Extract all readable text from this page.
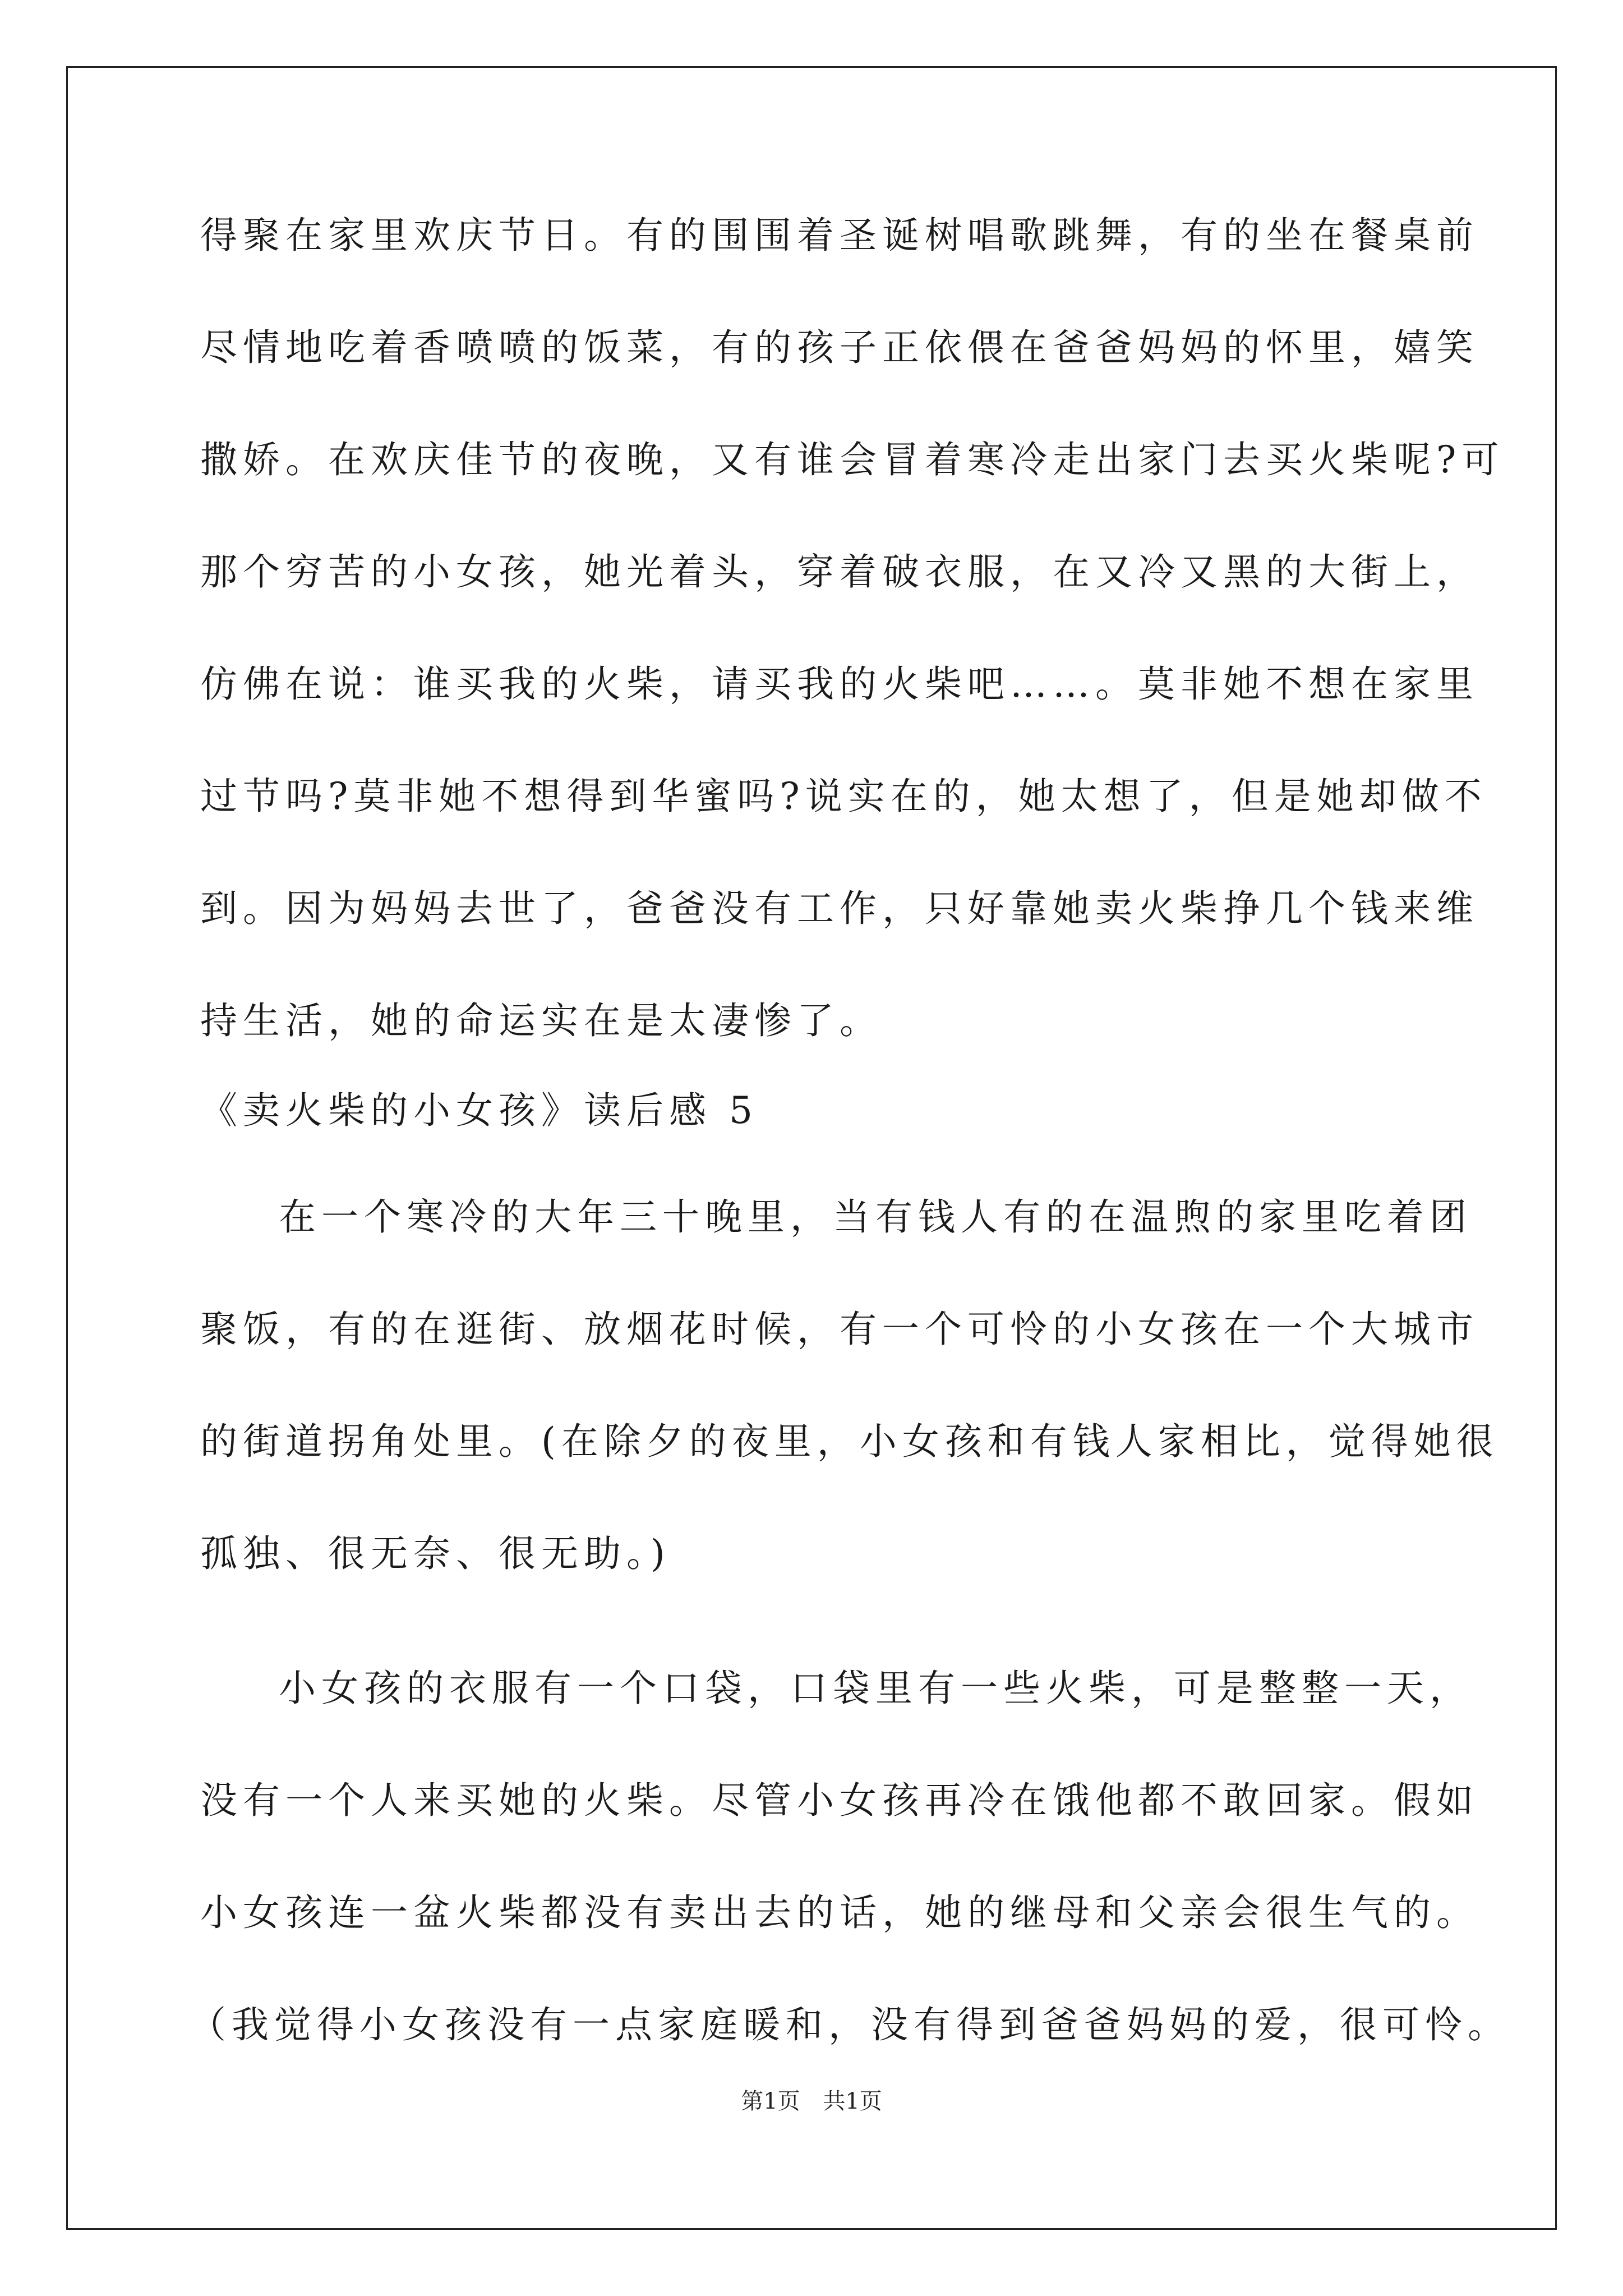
得聚在家里欢庆节日。有的围围着圣诞树唱歌跳舞，有的坐在餐桌前
尽情地吃着香喷喷的饭菜，有的孩子正依偎在爸爸妈妈的怀里，嬉笑
撒娇。在欢庆佳节的夜晚，又有谁会冒着寒冷走出家门去买火柴呢?可
那个穷苦的小女孩，她光着头，穿着破衣服，在又冷又黑的大街上，
仿佛在说：谁买我的火柴，请买我的火柴吧……。莫非她不想在家里
过节吗?莫非她不想得到华蜜吗?说实在的，她太想了，但是她却做不
到。因为妈妈去世了，爸爸没有工作，只好靠她卖火柴挣几个钱来维
持生活，她的命运实在是太凄惨了。
《卖火柴的小女孩》读后感 5
在一个寒冷的大年三十晚里，当有钱人有的在温煦的家里吃着团
聚饭，有的在逛街、放烟花时候，有一个可怜的小女孩在一个大城市
的街道拐角处里。(在除夕的夜里，小女孩和有钱人家相比，觉得她很
孤独、很无奈、很无助。)
小女孩的衣服有一个口袋，口袋里有一些火柴，可是整整一天，
没有一个人来买她的火柴。尽管小女孩再冷在饿他都不敢回家。假如
小女孩连一盆火柴都没有卖出去的话，她的继母和父亲会很生气的。
（我觉得小女孩没有一点家庭暖和，没有得到爸爸妈妈的爱，很可怜。
第1页 共1页
